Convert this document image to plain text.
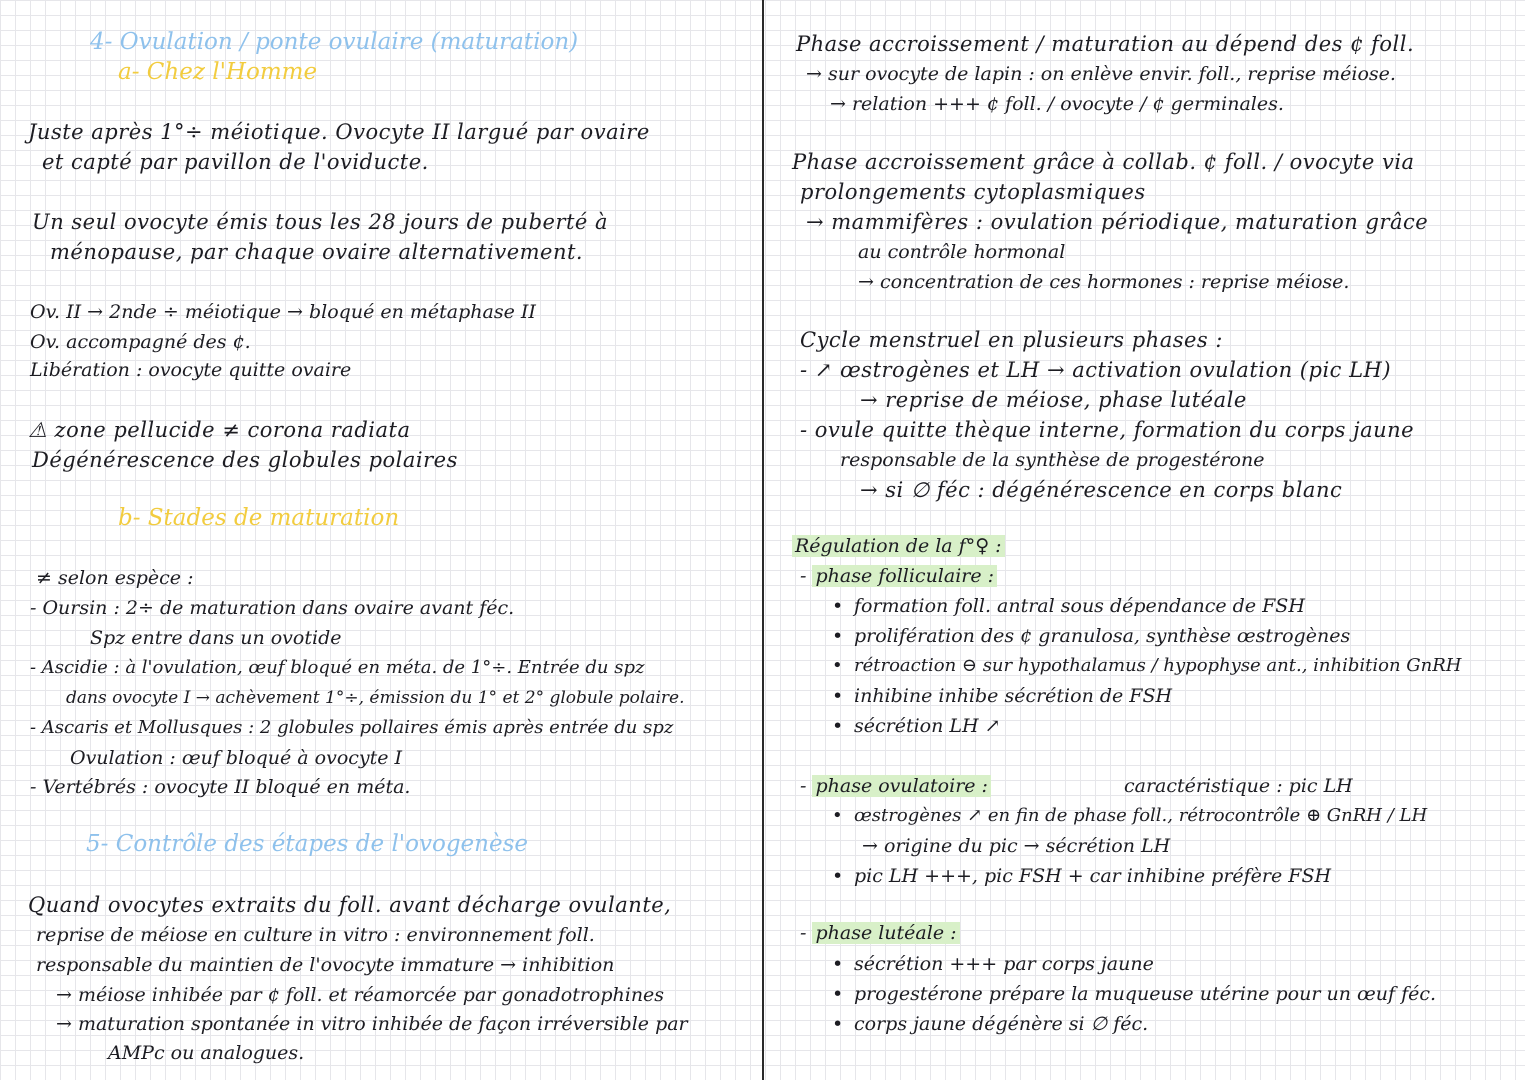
4- Ovulation / ponte ovulaire (maturation)
a- Chez l'Homme
Juste après 1°÷ méiotique. Ovocyte II largué par ovaire
et capté par pavillon de l'oviducte.
Un seul ovocyte émis tous les 28 jours de puberté à
ménopause, par chaque ovaire alternativement.
Ov. II → 2nde ÷ méiotique → bloqué en métaphase II
Ov. accompagné des ¢.
Libération : ovocyte quitte ovaire
⚠ zone pellucide ≠ corona radiata
Dégénérescence des globules polaires
b- Stades de maturation
≠ selon espèce :
- Oursin : 2÷ de maturation dans ovaire avant féc.
Spz entre dans un ovotide
- Ascidie : à l'ovulation, œuf bloqué en méta. de 1°÷. Entrée du spz
dans ovocyte I → achèvement 1°÷, émission du 1° et 2° globule polaire.
- Ascaris et Mollusques : 2 globules pollaires émis après entrée du spz
Ovulation : œuf bloqué à ovocyte I
- Vertébrés : ovocyte II bloqué en méta.
5- Contrôle des étapes de l'ovogenèse
Quand ovocytes extraits du foll. avant décharge ovulante,
reprise de méiose en culture in vitro : environnement foll.
responsable du maintien de l'ovocyte immature → inhibition
→ méiose inhibée par ¢ foll. et réamorcée par gonadotrophines
→ maturation spontanée in vitro inhibée de façon irréversible par
AMPc ou analogues.
Phase accroissement / maturation au dépend des ¢ foll.
→ sur ovocyte de lapin : on enlève envir. foll., reprise méiose.
→ relation +++ ¢ foll. / ovocyte / ¢ germinales.
Phase accroissement grâce à collab. ¢ foll. / ovocyte via
prolongements cytoplasmiques
→ mammifères : ovulation périodique, maturation grâce
au contrôle hormonal
→ concentration de ces hormones : reprise méiose.
Cycle menstruel en plusieurs phases :
- ↗ œstrogènes et LH → activation ovulation (pic LH)
→ reprise de méiose, phase lutéale
- ovule quitte thèque interne, formation du corps jaune
responsable de la synthèse de progestérone
→ si ∅ féc : dégénérescence en corps blanc
Régulation de la f°♀ :
- phase folliculaire :
• formation foll. antral sous dépendance de FSH
• prolifération des ¢ granulosa, synthèse œstrogènes
• rétroaction ⊖ sur hypothalamus / hypophyse ant., inhibition GnRH
• inhibine inhibe sécrétion de FSH
• sécrétion LH ↗
- phase ovulatoire :	caractéristique : pic LH
• œstrogènes ↗ en fin de phase foll., rétrocontrôle ⊕ GnRH / LH
→ origine du pic → sécrétion LH
• pic LH +++, pic FSH + car inhibine préfère FSH
- phase lutéale :
• sécrétion +++ par corps jaune
• progestérone prépare la muqueuse utérine pour un œuf féc.
• corps jaune dégénère si ∅ féc.
